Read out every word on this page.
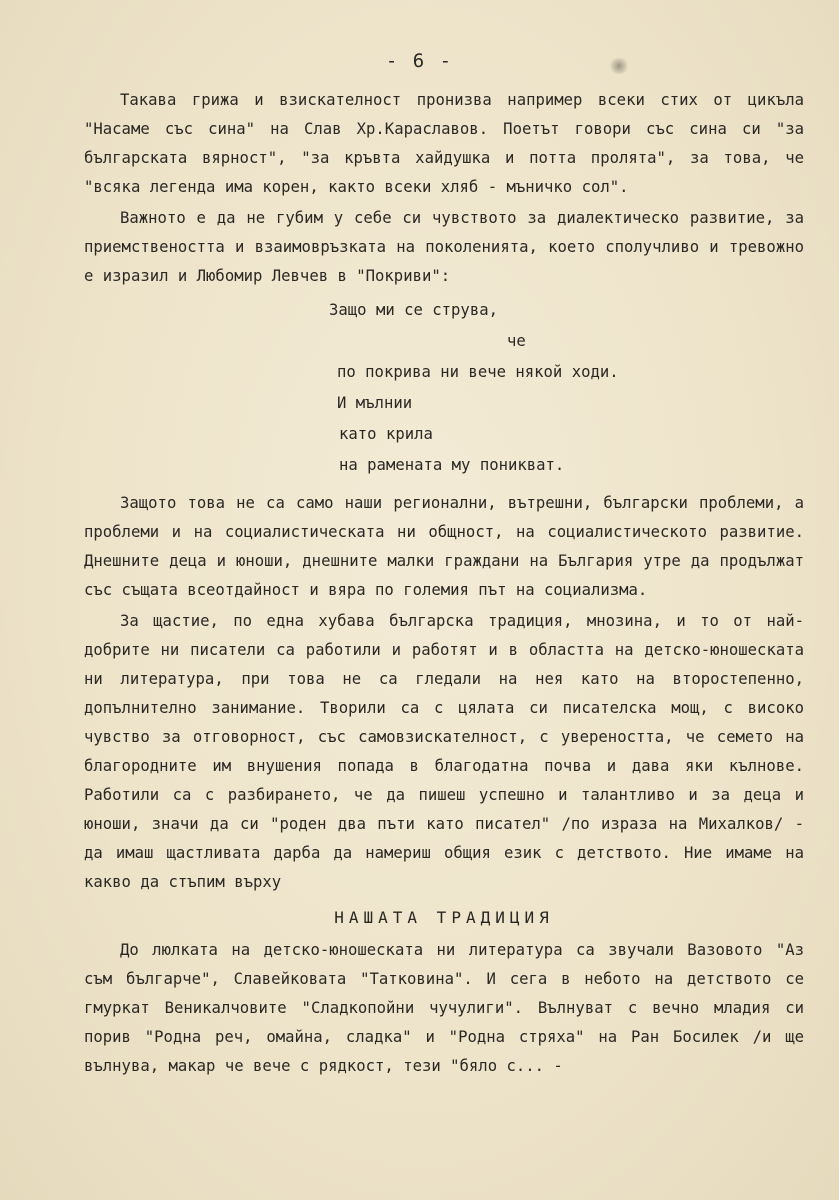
- 6 -

Такава грижа и взискателност пронизва например всеки стих от цикъла "Насаме със сина" на Слав Хр.Караславов. Поетът говори със сина си "за българската вярност", "за кръвта хайдушка и потта пролята", за това, че "всяка легенда има корен, както всеки хляб - мъничко сол".

Важното е да не губим у себе си чувството за диалектическо развитие, за приемствеността и взаимовръзката на поколенията, което сполучливо и тревожно е изразил и Любомир Левчев в "Покриви":

Защо ми се струва,
че
по покрива ни вече някой ходи.
И мълнии
като крила
на рамената му поникват.

Защото това не са само наши регионални, вътрешни, български проблеми, а проблеми и на социалистическата ни общност, на социалистическото развитие. Днешните деца и юноши, днешните малки граждани на България утре да продължат със същата всеотдайност и вяра по големия път на социализма.

За щастие, по една хубава българска традиция, мнозина, и то от най-добрите ни писатели са работили и работят и в областта на детско-юношеската ни литература, при това не са гледали на нея като на второстепенно, допълнително занимание. Творили са с цялата си писателска мощ, с високо чувство за отговорност, със самовзискателност, с увереността, че семето на благородните им внушения попада в благодатна почва и дава яки кълнове. Работили са с разбирането, че да пишеш успешно и талантливо и за деца и юноши, значи да си "роден два пъти като писател" /по израза на Михалков/ - да имаш щастливата дарба да намериш общия език с детството. Ние имаме на какво да стъпим върху

НАШАТА ТРАДИЦИЯ

До люлката на детско-юношеската ни литература са звучали Вазовото "Аз съм българче", Славейковата "Татковина". И сега в небото на детството се гмуркат Веникалчовите "Сладкопойни чучулиги". Вълнуват с вечно младия си порив "Родна реч, омайна, сладка" и "Родна стряха" на Ран Босилек /и ще вълнува, макар че вече с рядкост, тези "бяло с... -
